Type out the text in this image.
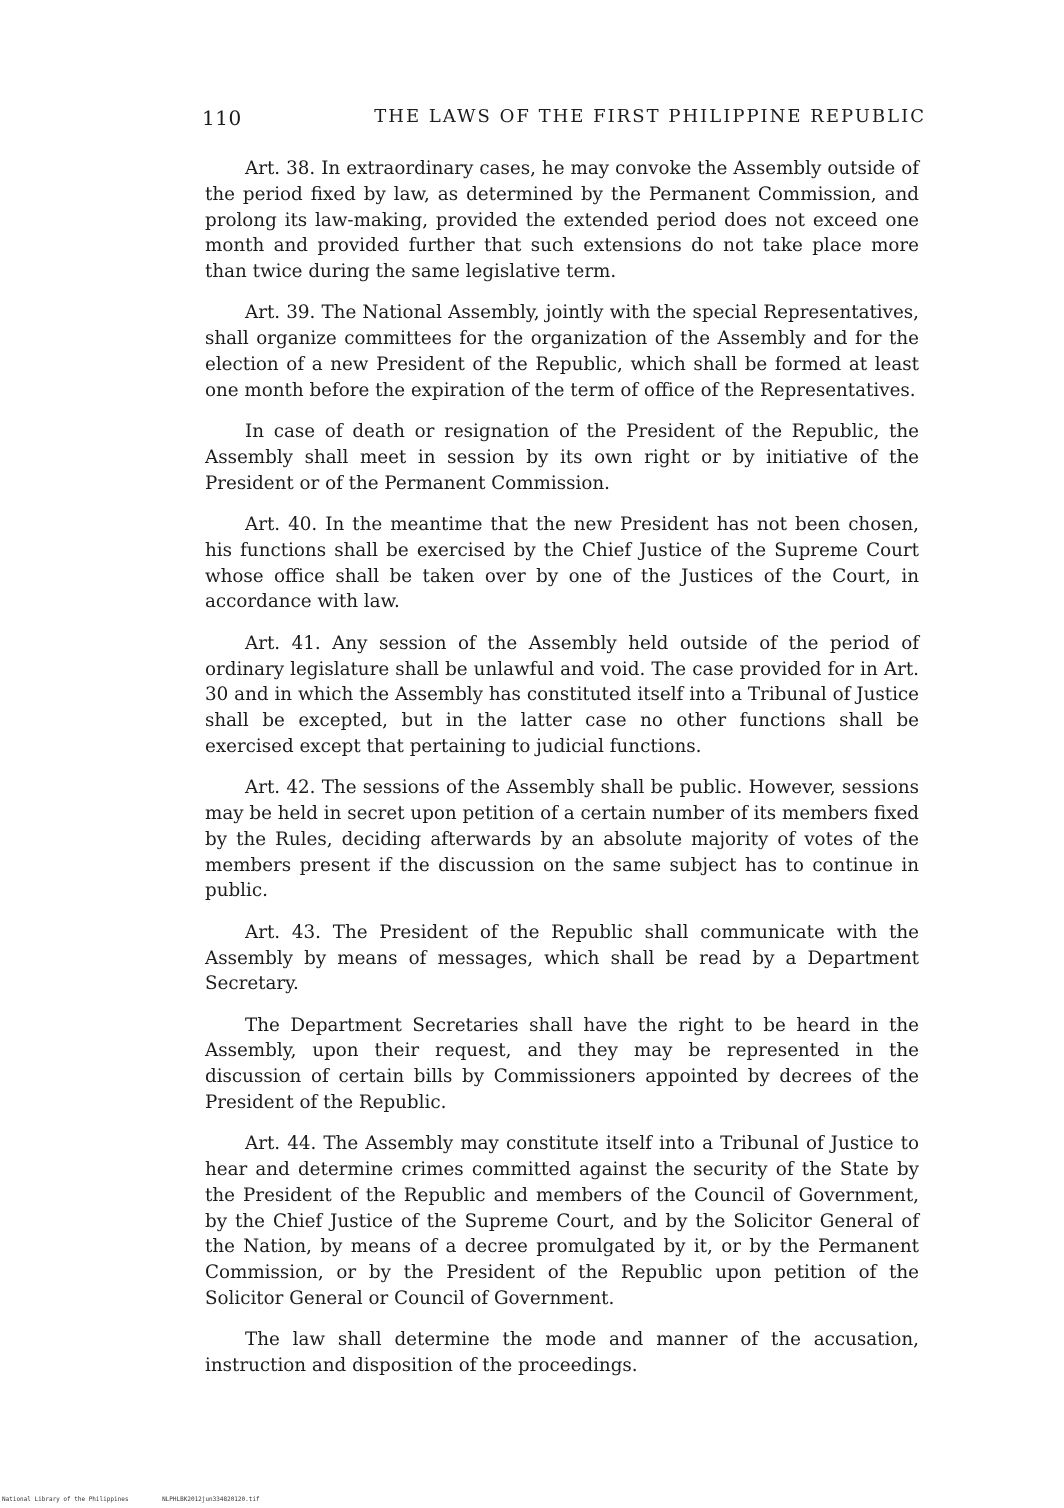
110	THE LAWS OF THE FIRST PHILIPPINE REPUBLIC

Art. 38. In extraordinary cases, he may convoke the Assembly outside of the period fixed by law, as determined by the Permanent Commission, and prolong its law-making, provided the extended period does not exceed one month and provided further that such extensions do not take place more than twice during the same legislative term.

Art. 39. The National Assembly, jointly with the special Representatives, shall organize committees for the organization of the Assembly and for the election of a new President of the Republic, which shall be formed at least one month before the expiration of the term of office of the Representatives.

In case of death or resignation of the President of the Republic, the Assembly shall meet in session by its own right or by initiative of the President or of the Permanent Commission.

Art. 40. In the meantime that the new President has not been chosen, his functions shall be exercised by the Chief Justice of the Supreme Court whose office shall be taken over by one of the Justices of the Court, in accordance with law.

Art. 41. Any session of the Assembly held outside of the period of ordinary legislature shall be unlawful and void. The case provided for in Art. 30 and in which the Assembly has constituted itself into a Tribunal of Justice shall be excepted, but in the latter case no other functions shall be exercised except that pertaining to judicial functions.

Art. 42. The sessions of the Assembly shall be public. However, sessions may be held in secret upon petition of a certain number of its members fixed by the Rules, deciding afterwards by an absolute majority of votes of the members present if the discussion on the same subject has to continue in public.

Art. 43. The President of the Republic shall communicate with the Assembly by means of messages, which shall be read by a Department Secretary.

The Department Secretaries shall have the right to be heard in the Assembly, upon their request, and they may be represented in the discussion of certain bills by Commissioners appointed by decrees of the President of the Republic.

Art. 44. The Assembly may constitute itself into a Tribunal of Justice to hear and determine crimes committed against the security of the State by the President of the Republic and members of the Council of Government, by the Chief Justice of the Supreme Court, and by the Solicitor General of the Nation, by means of a decree promulgated by it, or by the Permanent Commission, or by the President of the Republic upon petition of the Solicitor General or Council of Government.

The law shall determine the mode and manner of the accusation, instruction and disposition of the proceedings.

National Library of the Philippines	NLPHLBK2012jun334820120.tif
